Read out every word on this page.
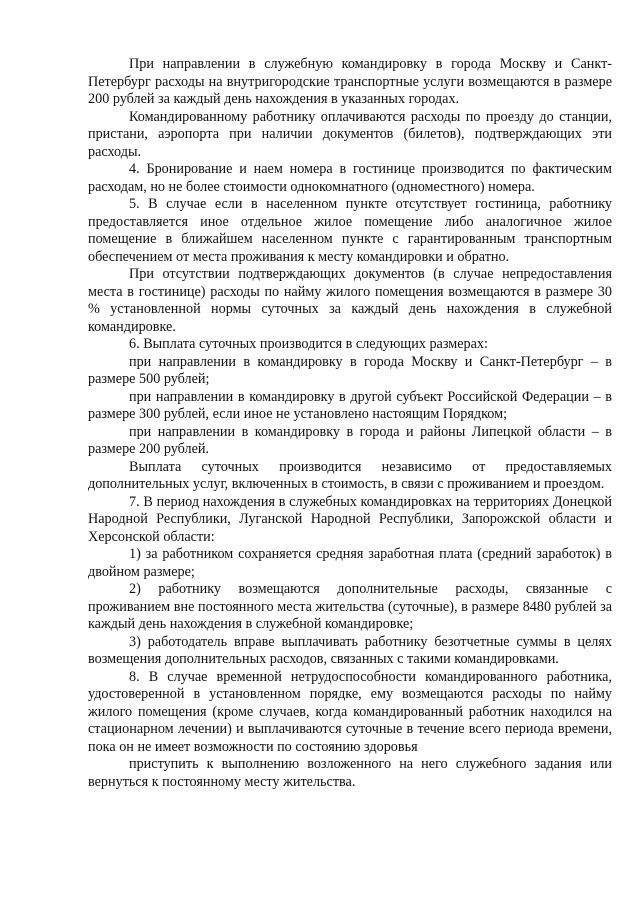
При направлении в служебную командировку в города Москву и Санкт-Петербург расходы на внутригородские транспортные услуги возмещаются в размере 200 рублей за каждый день нахождения в указанных городах.

Командированному работнику оплачиваются расходы по проезду до станции, пристани, аэропорта при наличии документов (билетов), подтверждающих эти расходы.

4. Бронирование и наем номера в гостинице производится по фактическим расходам, но не более стоимости однокомнатного (одноместного) номера.

5. В случае если в населенном пункте отсутствует гостиница, работнику предоставляется иное отдельное жилое помещение либо аналогичное жилое помещение в ближайшем населенном пункте с гарантированным транспортным обеспечением от места проживания к месту командировки и обратно.

При отсутствии подтверждающих документов (в случае непредоставления места в гостинице) расходы по найму жилого помещения возмещаются в размере 30 % установленной нормы суточных за каждый день нахождения в служебной командировке.

6. Выплата суточных производится в следующих размерах:

при направлении в командировку в города Москву и Санкт-Петербург – в размере 500 рублей;

при направлении в командировку в другой субъект Российской Федерации – в размере 300 рублей, если иное не установлено настоящим Порядком;

при направлении в командировку в города и районы Липецкой области – в размере 200 рублей.

Выплата суточных производится независимо от предоставляемых дополнительных услуг, включенных в стоимость, в связи с проживанием и проездом.

7. В период нахождения в служебных командировках на территориях Донецкой Народной Республики, Луганской Народной Республики, Запорожской области и Херсонской области:

1) за работником сохраняется средняя заработная плата (средний заработок) в двойном размере;

2) работнику возмещаются дополнительные расходы, связанные с проживанием вне постоянного места жительства (суточные), в размере 8480 рублей за каждый день нахождения в служебной командировке;

3) работодатель вправе выплачивать работнику безотчетные суммы в целях возмещения дополнительных расходов, связанных с такими командировками.

8. В случае временной нетрудоспособности командированного работника, удостоверенной в установленном порядке, ему возмещаются расходы по найму жилого помещения (кроме случаев, когда командированный работник находился на стационарном лечении) и выплачиваются суточные в течение всего периода времени, пока он не имеет возможности по состоянию здоровья

приступить к выполнению возложенного на него служебного задания или вернуться к постоянному месту жительства.
